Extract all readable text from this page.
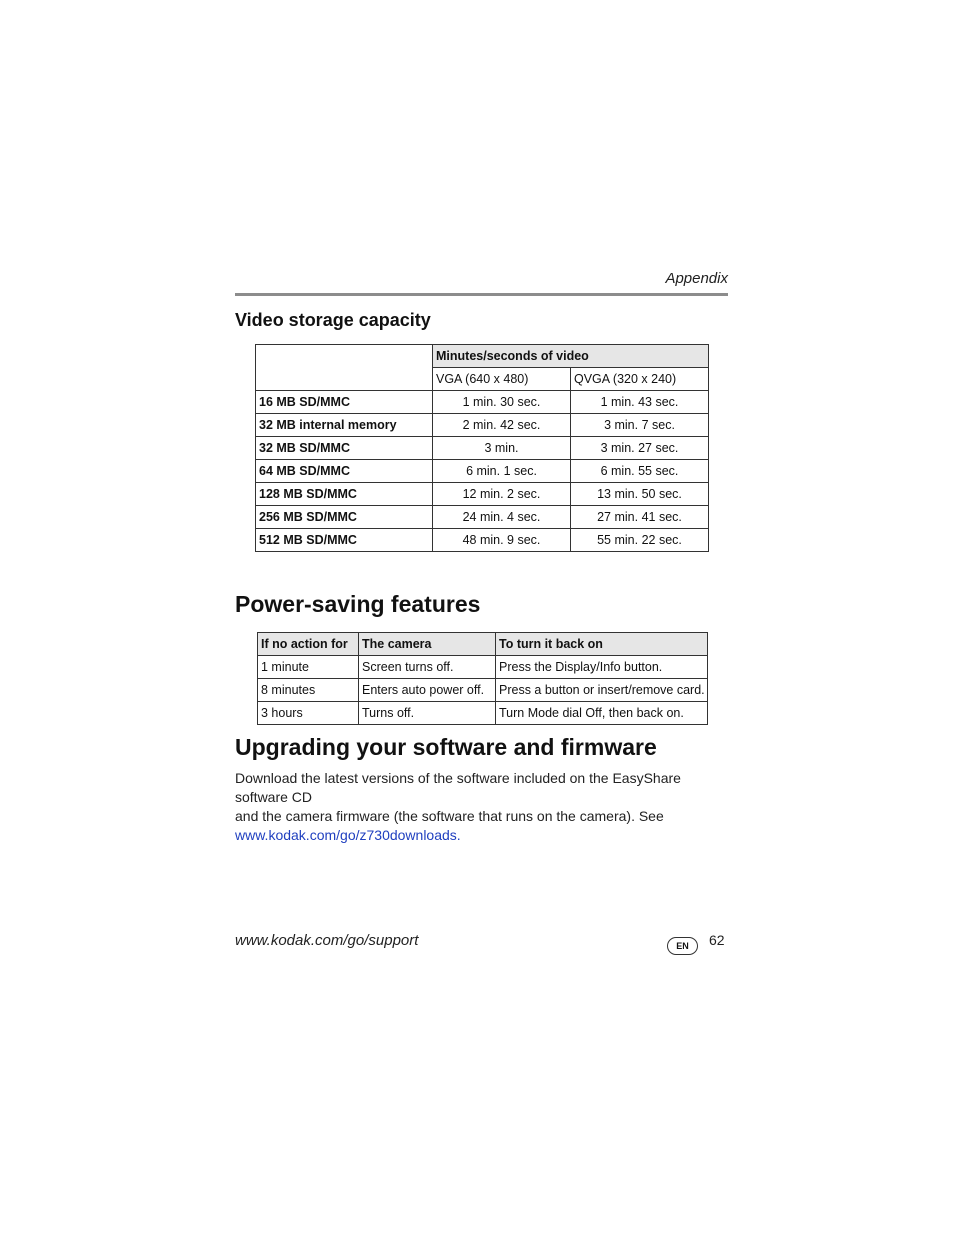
Appendix
Video storage capacity
	Minutes/seconds of video	
	VGA (640 x 480)	QVGA (320 x 240)
16 MB SD/MMC	1 min. 30 sec.	1 min. 43 sec.
32 MB internal memory	2 min. 42 sec.	3 min. 7 sec.
32 MB SD/MMC	3 min.	3 min. 27 sec.
64 MB SD/MMC	6 min. 1 sec.	6 min. 55 sec.
128 MB SD/MMC	12 min. 2 sec.	13 min. 50 sec.
256 MB SD/MMC	24 min. 4 sec.	27 min. 41 sec.
512 MB SD/MMC	48 min. 9 sec.	55 min. 22 sec.
Power-saving features
If no action for	The camera	To turn it back on
1 minute	Screen turns off.	Press the Display/Info button.
8 minutes	Enters auto power off.	Press a button or insert/remove card.
3 hours	Turns off.	Turn Mode dial Off, then back on.
Upgrading your software and firmware
Download the latest versions of the software included on the EasyShare software CD
and the camera firmware (the software that runs on the camera). See
www.kodak.com/go/z730downloads.
www.kodak.com/go/support	EN	62
